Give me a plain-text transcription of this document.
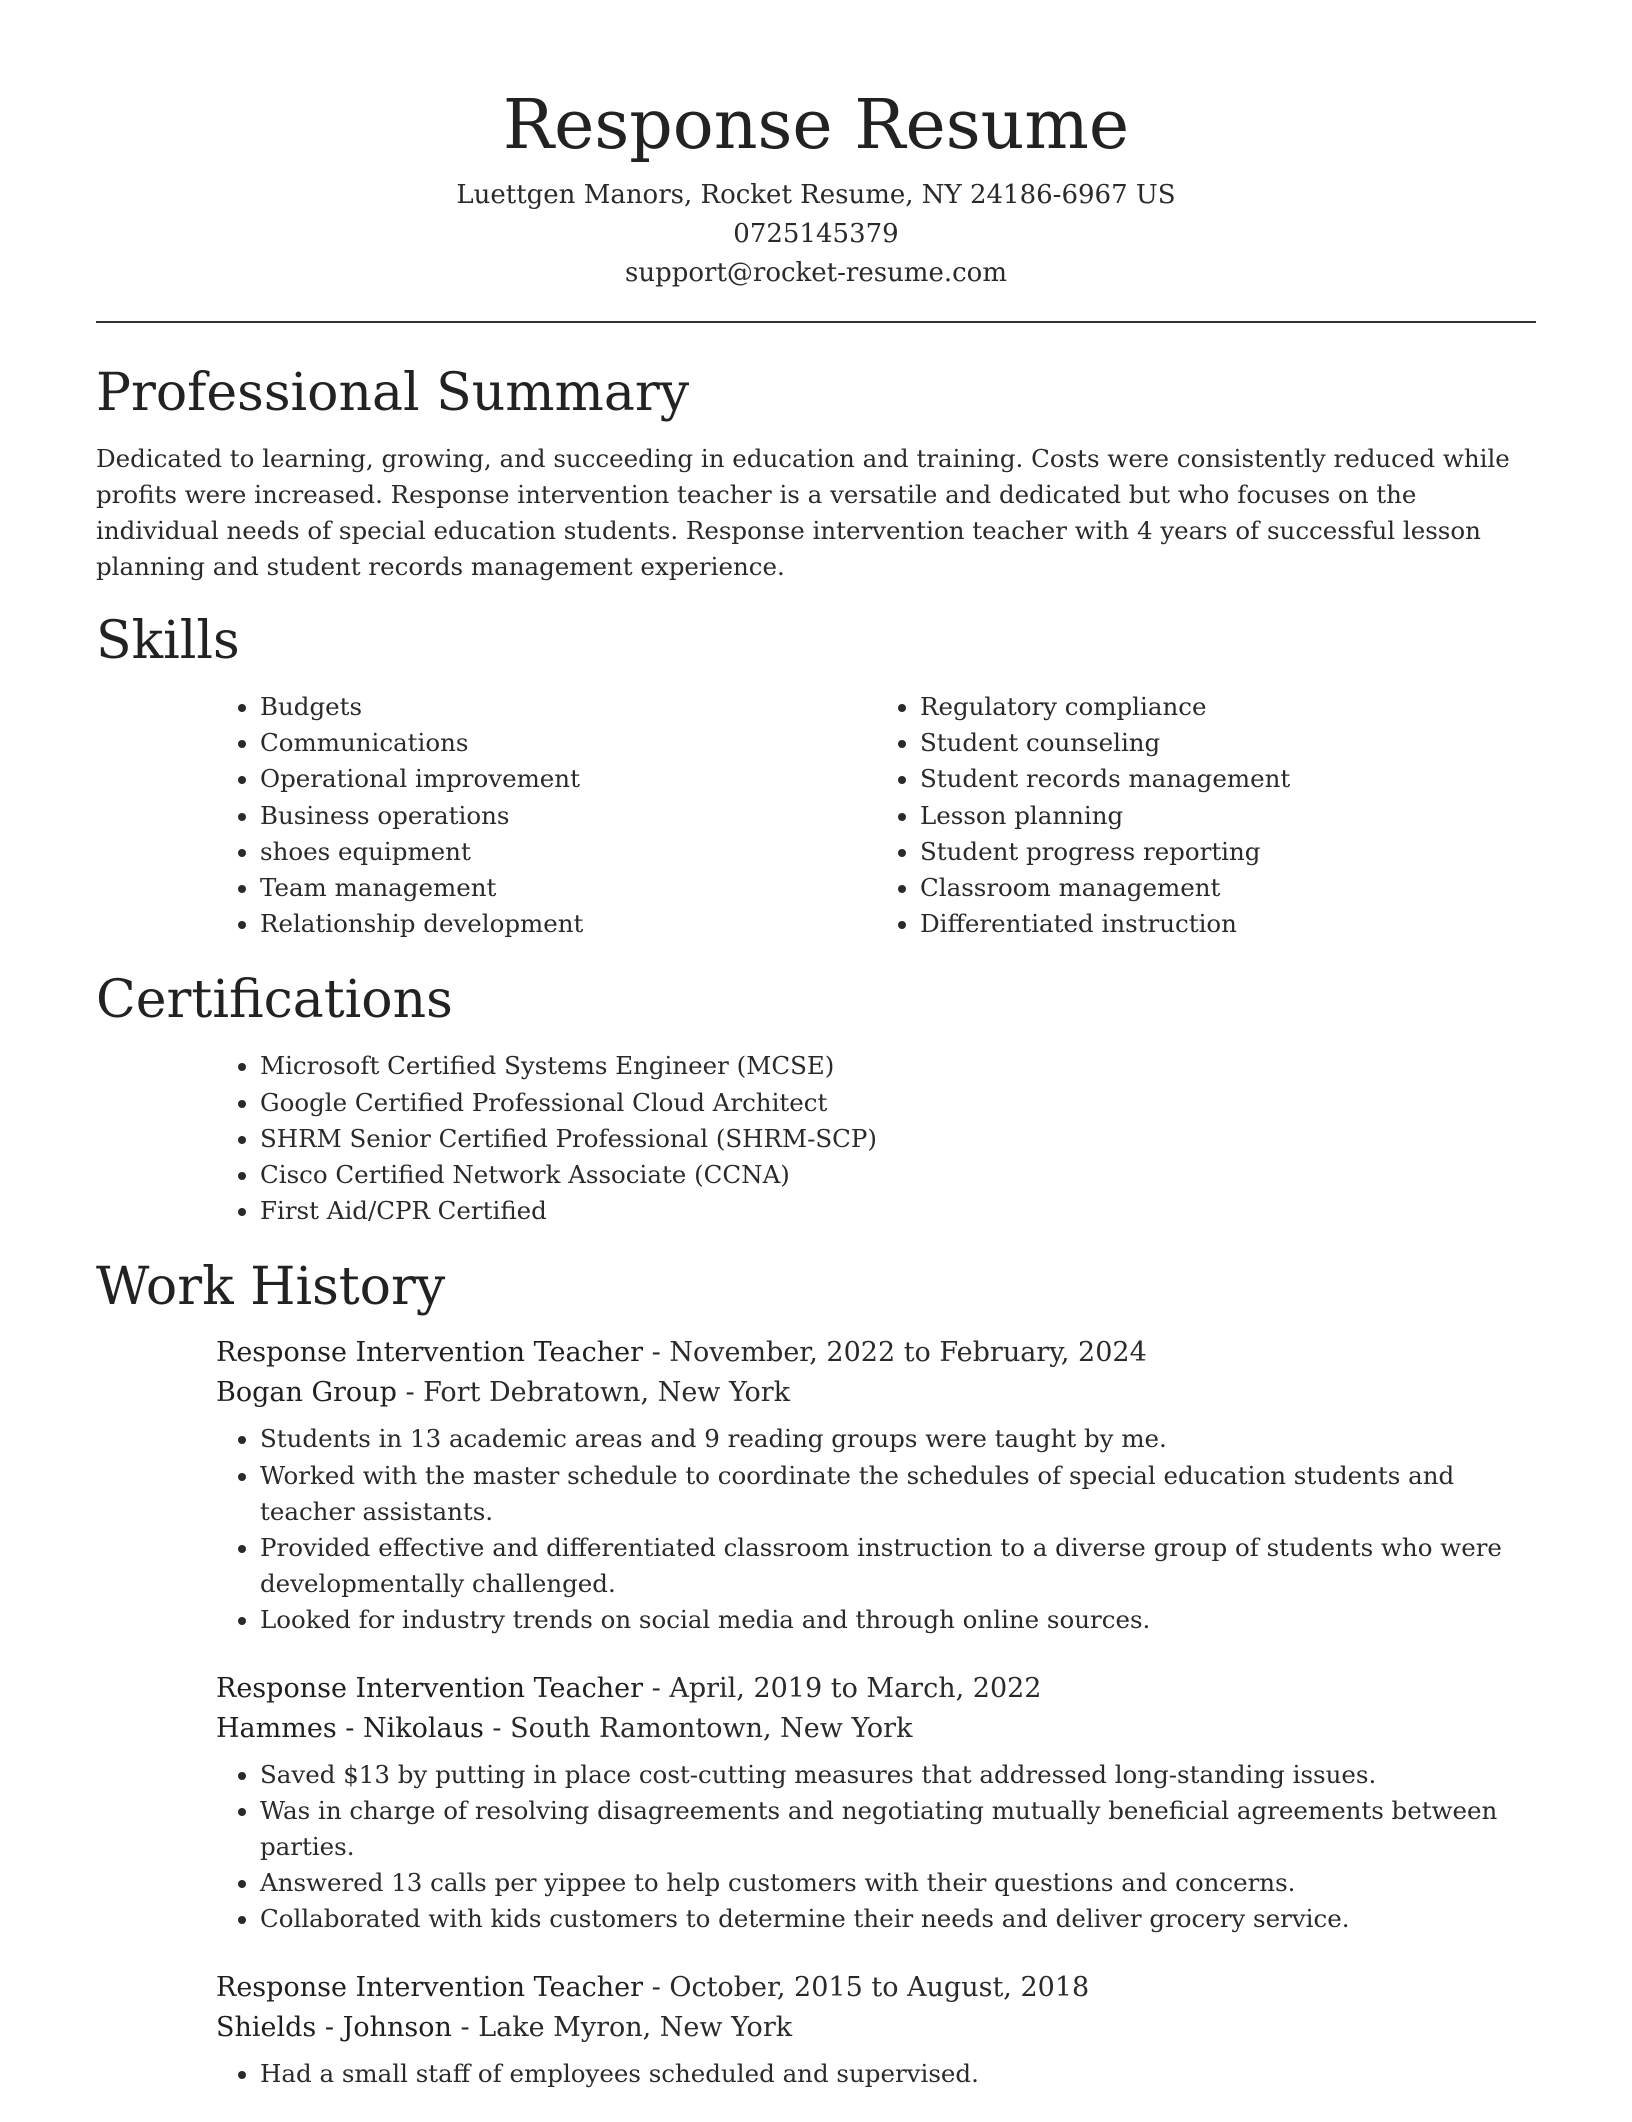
Response Resume
Luettgen Manors, Rocket Resume, NY 24186-6967 US
0725145379
support@rocket-resume.com
Professional Summary

Dedicated to learning, growing, and succeeding in education and training. Costs were consistently reduced while profits were increased. Response intervention teacher is a versatile and dedicated but who focuses on the individual needs of special education students. Response intervention teacher with 4 years of successful lesson planning and student records management experience.

Skills
• Budgets
• Communications
• Operational improvement
• Business operations
• shoes equipment
• Team management
• Relationship development
• Regulatory compliance
• Student counseling
• Student records management
• Lesson planning
• Student progress reporting
• Classroom management
• Differentiated instruction
Certifications
• Microsoft Certified Systems Engineer (MCSE)
• Google Certified Professional Cloud Architect
• SHRM Senior Certified Professional (SHRM-SCP)
• Cisco Certified Network Associate (CCNA)
• First Aid/CPR Certified
Work History
Response Intervention Teacher - November, 2022 to February, 2024
Bogan Group - Fort Debratown, New York
• Students in 13 academic areas and 9 reading groups were taught by me.
• Worked with the master schedule to coordinate the schedules of special education students and teacher assistants.
• Provided effective and differentiated classroom instruction to a diverse group of students who were developmentally challenged.
• Looked for industry trends on social media and through online sources.
Response Intervention Teacher - April, 2019 to March, 2022
Hammes - Nikolaus - South Ramontown, New York
• Saved $13 by putting in place cost-cutting measures that addressed long-standing issues.
• Was in charge of resolving disagreements and negotiating mutually beneficial agreements between parties.
• Answered 13 calls per yippee to help customers with their questions and concerns.
• Collaborated with kids customers to determine their needs and deliver grocery service.
Response Intervention Teacher - October, 2015 to August, 2018
Shields - Johnson - Lake Myron, New York
• Had a small staff of employees scheduled and supervised.
